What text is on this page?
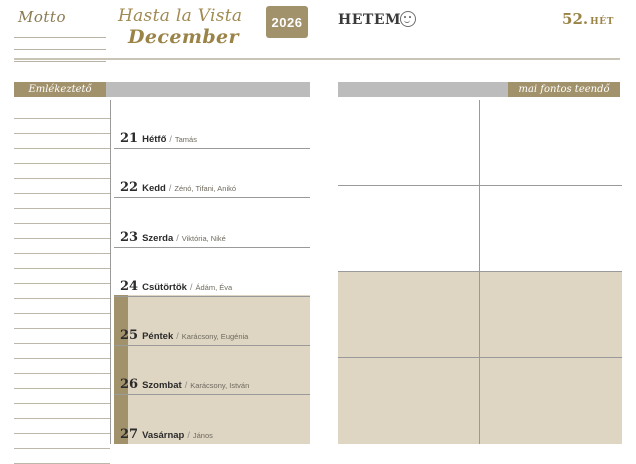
Motto	Hasta la Vista
December
2026	HETEM	52. HÉT
Emlékeztető	mai fontos teendő
21 Hétfő / Tamás
22 Kedd / Zénó, Tifani, Anikó
23 Szerda / Viktória, Niké
24 Csütörtök / Ádám, Éva
25 Péntek / Karácsony, Eugénia
26 Szombat / Karácsony, István
27 Vasárnap / János
